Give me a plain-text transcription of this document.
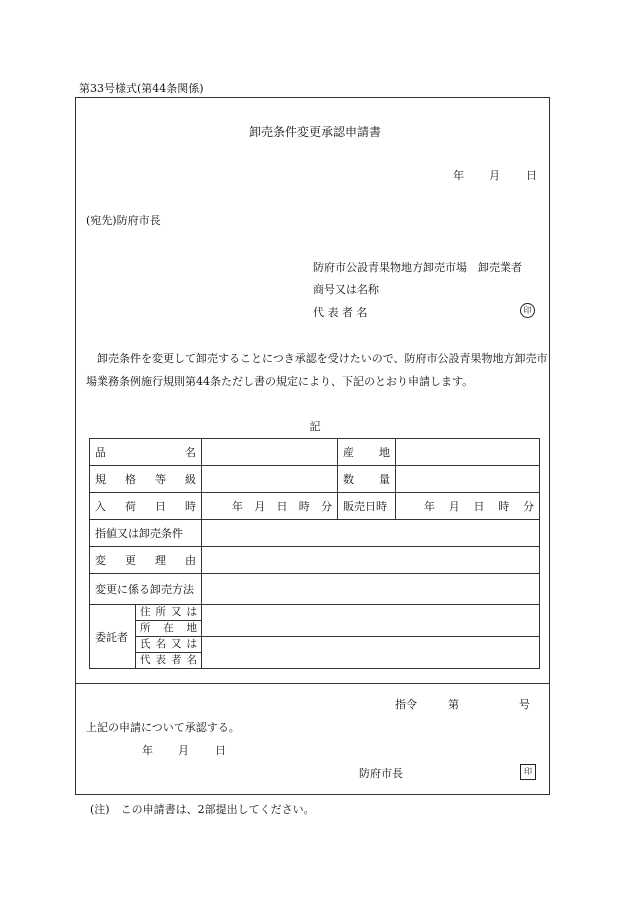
第33号様式(第44条関係)
卸売条件変更承認申請書
年 月 日
(宛先)防府市長
防府市公設青果物地方卸売市場　卸売業者
商号又は名称
代 表 者 名	印
卸売条件を変更して卸売することにつき承認を受けたいので、防府市公設青果物地方卸売市場業務条例施行規則第44条ただし書の規定により、下記のとおり申請します。
記
品名			産地	
規格等級			数量	
入荷日時		年 月 日 時 分	販売日時	年 月 日 時 分

指値又は卸売条件				
変更理由				
変更に係る卸売方法				
委託者	住所又は			
	所在地			
	氏名又は			
	代表者名			
指令	第	号
上記の申請について承認する。
年 月 日
防府市長	印
(注)　この申請書は、2部提出してください。
